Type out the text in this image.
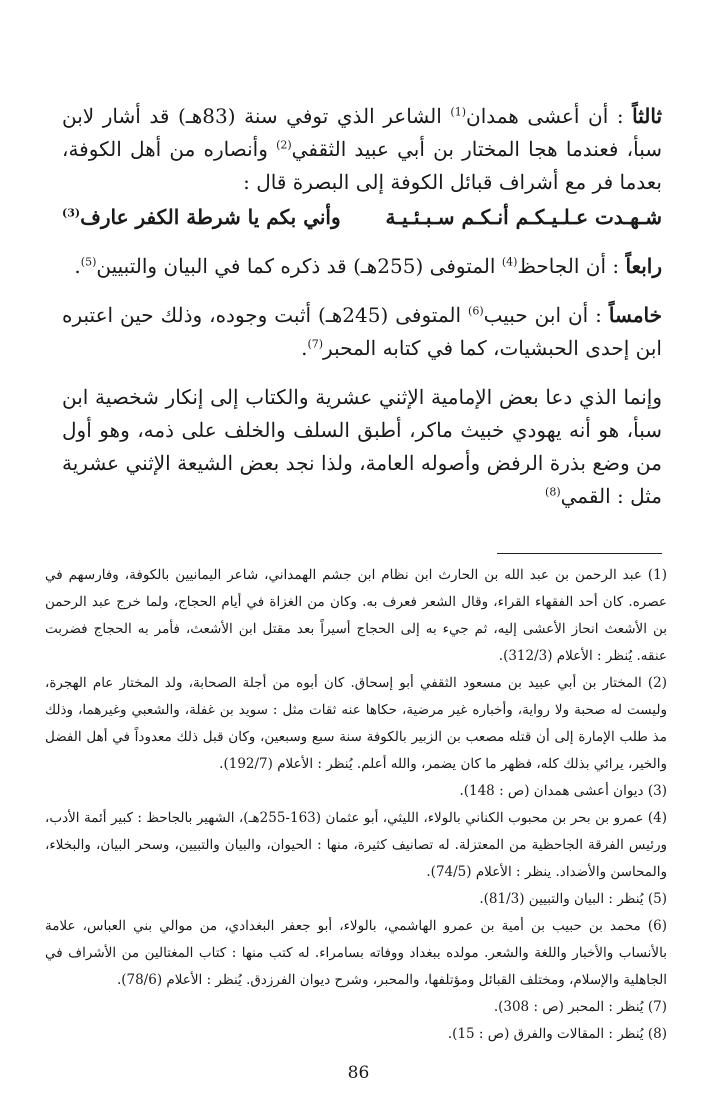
ثالثاً : أن أعشى همدان$^{(1)}$ الشاعر الذي توفي سنة (83هـ) قد أشار لابن سبأ، فعندما هجا المختار بن أبي عبيد الثقفي$^{(2)}$ وأنصاره من أهل الكوفة، بعدما فر مع أشراف قبائل الكوفة إلى البصرة قال :

شـهـدت عـلـيـكـم أنـكـم سـبـئـيـة
وأني بكم يا شرطة الكفر عارف$^{(3)}$

رابعاً : أن الجاحظ$^{(4)}$ المتوفى (255هـ) قد ذكره كما في البيان والتبيين$^{(5)}$.

خامساً : أن ابن حبيب$^{(6)}$ المتوفى (245هـ) أثبت وجوده، وذلك حين اعتبره ابن إحدى الحبشيات، كما في كتابه المحبر$^{(7)}$.

وإنما الذي دعا بعض الإمامية الإثني عشرية والكتاب إلى إنكار شخصية ابن سبأ، هو أنه يهودي خبيث ماكر، أطبق السلف والخلف على ذمه، وهو أول من وضع بذرة الرفض وأصوله العامة، ولذا نجد بعض الشيعة الإثني عشرية مثل : القمي$^{(8)}$

(1) عبد الرحمن بن عبد الله بن الحارث ابن نظام ابن جشم الهمداني، شاعر اليمانيين بالكوفة، وفارسهم في عصره. كان أحد الفقهاء القراء، وقال الشعر فعرف به. وكان من الغزاة في أيام الحجاج، ولما خرج عبد الرحمن بن الأشعث انحاز الأعشى إليه، ثم جيء به إلى الحجاج أسيراً بعد مقتل ابن الأشعث، فأمر به الحجاج فضربت عنقه. يُنظر : الأعلام (312/3).

(2) المختار بن أبي عبيد بن مسعود الثقفي أبو إسحاق. كان أبوه من أجلة الصحابة، ولد المختار عام الهجرة، وليست له صحبة ولا رواية، وأخباره غير مرضية، حكاها عنه ثقات مثل : سويد بن غفلة، والشعبي وغيرهما، وذلك مذ طلب الإمارة إلى أن قتله مصعب بن الزبير بالكوفة سنة سبع وسبعين، وكان قبل ذلك معدوداً في أهل الفضل والخير، يرائي بذلك كله، فظهر ما كان يضمر، والله أعلم. يُنظر : الأعلام (192/7).

(3) ديوان أعشى همدان (ص : 148).

(4) عمرو بن بحر بن محبوب الكناني بالولاء، الليثي، أبو عثمان (163-255هـ)، الشهير بالجاحظ : كبير أئمة الأدب، ورئيس الفرقة الجاحظية من المعتزلة. له تصانيف كثيرة، منها : الحيوان، والبيان والتبيين، وسحر البيان، والبخلاء، والمحاسن والأضداد. ينظر : الأعلام (74/5).

(5) يُنظر : البيان والتبيين (81/3).

(6) محمد بن حبيب بن أمية بن عمرو الهاشمي، بالولاء، أبو جعفر البغدادي، من موالي بني العباس، علامة بالأنساب والأخبار واللغة والشعر. مولده ببغداد ووفاته بسامراء. له كتب منها : كتاب المغتالين من الأشراف في الجاهلية والإسلام، ومختلف القبائل ومؤتلفها، والمحبر، وشرح ديوان الفرزدق. يُنظر : الأعلام (78/6).

(7) يُنظر : المحبر (ص : 308).

(8) يُنظر : المقالات والفرق (ص : 15).

86
